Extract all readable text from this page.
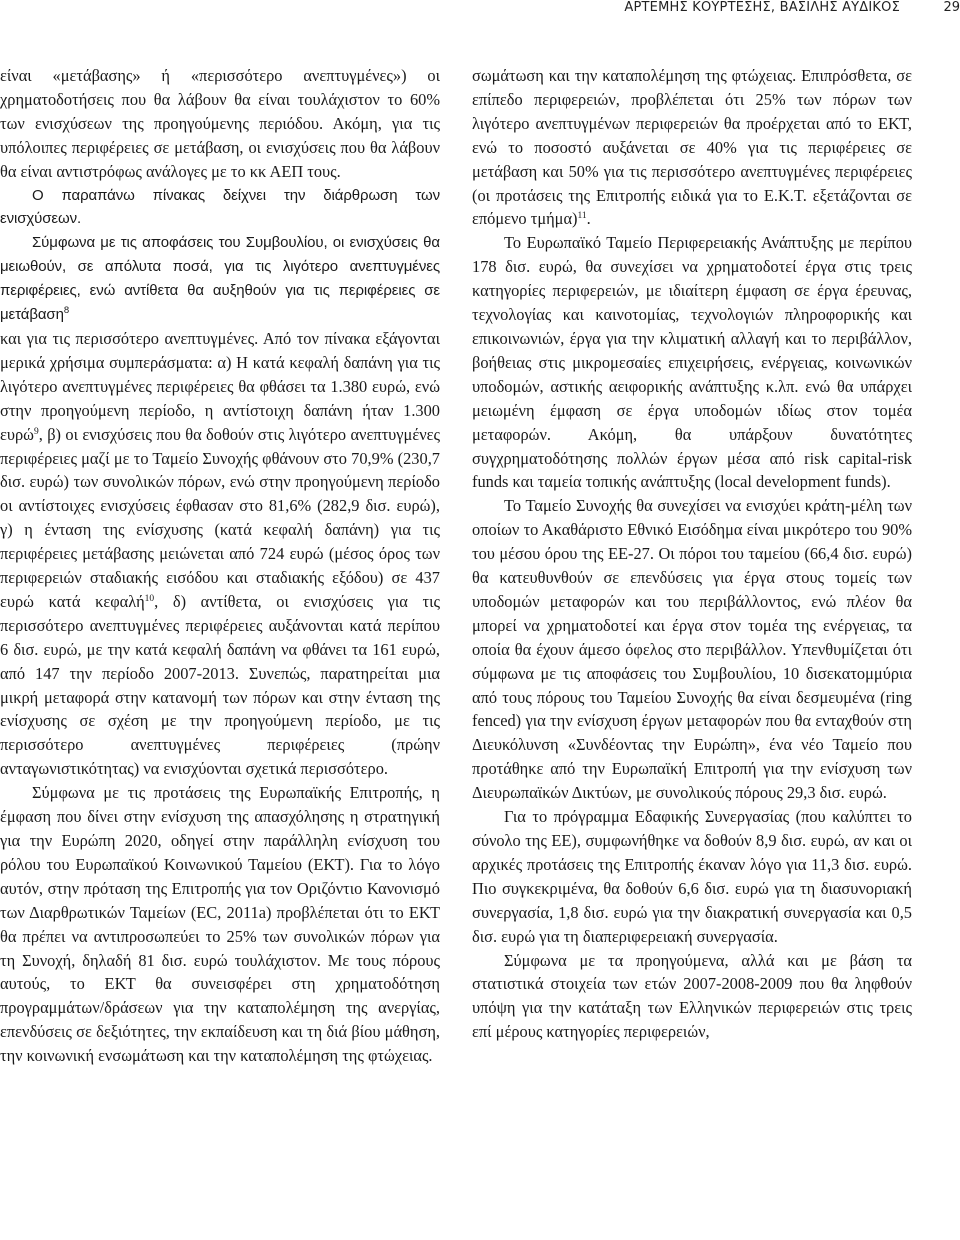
ΑΡΤΕΜΗΣ ΚΟΥΡΤΕΣΗΣ, ΒΑΣΙΛΗΣ ΑΥΔΙΚΟΣ	29

είναι «μετάβασης» ή «περισσότερο ανεπτυγμένες») οι χρηματοδοτήσεις που θα λάβουν θα είναι τουλάχιστον το 60% των ενισχύσεων της προηγούμενης περιόδου. Ακόμη, για τις υπόλοιπες περιφέρειες σε μετάβαση, οι ενισχύσεις που θα λάβουν θα είναι αντιστρόφως ανάλογες με το κκ ΑΕΠ τους.

Ο παραπάνω πίνακας δείχνει την διάρθρωση των ενισχύσεων.

Σύμφωνα με τις αποφάσεις του Συμβουλίου, οι ενισχύσεις θα μειωθούν, σε απόλυτα ποσά, για τις λιγότερο ανεπτυγμένες περιφέρειες, ενώ αντίθετα θα αυξηθούν για τις περιφέρειες σε μετάβαση$^8$

και για τις περισσότερο ανεπτυγμένες. Από τον πίνακα εξάγονται μερικά χρήσιμα συμπεράσματα: α) Η κατά κεφαλή δαπάνη για τις λιγότερο ανεπτυγμένες περιφέρειες θα φθάσει τα 1.380 ευρώ, ενώ στην προηγούμενη περίοδο, η αντίστοιχη δαπάνη ήταν 1.300 ευρώ$^9$, β) οι ενισχύσεις που θα δοθούν στις λιγότερο ανεπτυγμένες περιφέρειες μαζί με το Ταμείο Συνοχής φθάνουν στο 70,9% (230,7 δισ. ευρώ) των συνολικών πόρων, ενώ στην προηγούμενη περίοδο οι αντίστοιχες ενισχύσεις έφθασαν στο 81,6% (282,9 δισ. ευρώ), γ) η ένταση της ενίσχυσης (κατά κεφαλή δαπάνη) για τις περιφέρειες μετάβασης μειώνεται από 724 ευρώ (μέσος όρος των περιφερειών σταδιακής εισόδου και σταδιακής εξόδου) σε 437 ευρώ κατά κεφαλή$^{10}$, δ) αντίθετα, οι ενισχύσεις για τις περισσότερο ανεπτυγμένες περιφέρειες αυξάνονται κατά περίπου 6 δισ. ευρώ, με την κατά κεφαλή δαπάνη να φθάνει τα 161 ευρώ, από 147 την περίοδο 2007-2013. Συνεπώς, παρατηρείται μια μικρή μεταφορά στην κατανομή των πόρων και στην ένταση της ενίσχυσης σε σχέση με την προηγούμενη περίοδο, με τις περισσότερο ανεπτυγμένες περιφέρειες (πρώην ανταγωνιστικότητας) να ενισχύονται σχετικά περισσότερο.

Σύμφωνα με τις προτάσεις της Ευρωπαϊκής Επιτροπής, η έμφαση που δίνει στην ενίσχυση της απασχόλησης η στρατηγική για την Ευρώπη 2020, οδηγεί στην παράλληλη ενίσχυση του ρόλου του Ευρωπαϊκού Κοινωνικού Ταμείου (ΕΚΤ). Για το λόγο αυτόν, στην πρόταση της Επιτροπής για τον Οριζόντιο Κανονισμό των Διαρθρωτικών Ταμείων (EC, 2011a) προβλέπεται ότι το ΕΚΤ θα πρέπει να αντιπροσωπεύει το 25% των συνολικών πόρων για τη Συνοχή, δηλαδή 81 δισ. ευρώ τουλάχιστον. Με τους πόρους αυτούς, το ΕΚΤ θα συνεισφέρει στη χρηματοδότηση προγραμμάτων/δράσεων για την καταπολέμηση της ανεργίας, επενδύσεις σε δεξιότητες, την εκπαίδευση και τη διά βίου μάθηση, την κοινωνική ενσωμάτωση και την καταπολέμηση της φτώχειας.

σωμάτωση και την καταπολέμηση της φτώχειας. Επιπρόσθετα, σε επίπεδο περιφερειών, προβλέπεται ότι 25% των πόρων των λιγότερο ανεπτυγμένων περιφερειών θα προέρχεται από το ΕΚΤ, ενώ το ποσοστό αυξάνεται σε 40% για τις περιφέρειες σε μετάβαση και 50% για τις περισσότερο ανεπτυγμένες περιφέρειες (οι προτάσεις της Επιτροπής ειδικά για το Ε.Κ.Τ. εξετάζονται σε επόμενο τμήμα)$^{11}$.

Το Ευρωπαϊκό Ταμείο Περιφερειακής Ανάπτυξης με περίπου 178 δισ. ευρώ, θα συνεχίσει να χρηματοδοτεί έργα στις τρεις κατηγορίες περιφερειών, με ιδιαίτερη έμφαση σε έργα έρευνας, τεχνολογίας και καινοτομίας, τεχνολογιών πληροφορικής και επικοινωνιών, έργα για την κλιματική αλλαγή και το περιβάλλον, βοήθειας στις μικρομεσαίες επιχειρήσεις, ενέργειας, κοινωνικών υποδομών, αστικής αειφορικής ανάπτυξης κ.λπ. ενώ θα υπάρχει μειωμένη έμφαση σε έργα υποδομών ιδίως στον τομέα μεταφορών. Ακόμη, θα υπάρξουν δυνατότητες συγχρηματοδότησης πολλών έργων μέσα από risk capital-risk funds και ταμεία τοπικής ανάπτυξης (local development funds).

Το Ταμείο Συνοχής θα συνεχίσει να ενισχύει κράτη-μέλη των οποίων το Ακαθάριστο Εθνικό Εισόδημα είναι μικρότερο του 90% του μέσου όρου της ΕΕ-27. Οι πόροι του ταμείου (66,4 δισ. ευρώ) θα κατευθυνθούν σε επενδύσεις για έργα στους τομείς των υποδομών μεταφορών και του περιβάλλοντος, ενώ πλέον θα μπορεί να χρηματοδοτεί και έργα στον τομέα της ενέργειας, τα οποία θα έχουν άμεσο όφελος στο περιβάλλον. Υπενθυμίζεται ότι σύμφωνα με τις αποφάσεις του Συμβουλίου, 10 δισεκατομμύρια από τους πόρους του Ταμείου Συνοχής θα είναι δεσμευμένα (ring fenced) για την ενίσχυση έργων μεταφορών που θα ενταχθούν στη Διευκόλυνση «Συνδέοντας την Ευρώπη», ένα νέο Ταμείο που προτάθηκε από την Ευρωπαϊκή Επιτροπή για την ενίσχυση των Διευρωπαϊκών Δικτύων, με συνολικούς πόρους 29,3 δισ. ευρώ.

Για το πρόγραμμα Εδαφικής Συνεργασίας (που καλύπτει το σύνολο της ΕΕ), συμφωνήθηκε να δοθούν 8,9 δισ. ευρώ, αν και οι αρχικές προτάσεις της Επιτροπής έκαναν λόγο για 11,3 δισ. ευρώ. Πιο συγκεκριμένα, θα δοθούν 6,6 δισ. ευρώ για τη διασυνοριακή συνεργασία, 1,8 δισ. ευρώ για την διακρατική συνεργασία και 0,5 δισ. ευρώ για τη διαπεριφερειακή συνεργασία.

Σύμφωνα με τα προηγούμενα, αλλά και με βάση τα στατιστικά στοιχεία των ετών 2007-2008-2009 που θα ληφθούν υπόψη για την κατάταξη των Ελληνικών περιφερειών στις τρεις επί μέρους κατηγορίες περιφερειών,
